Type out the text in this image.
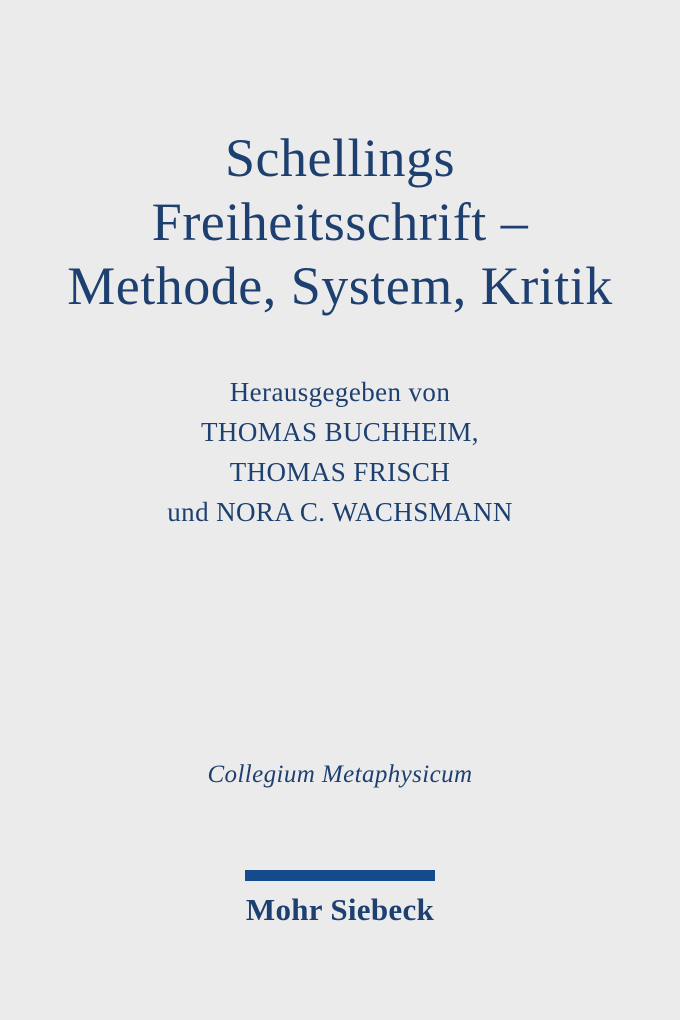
Schellings
Freiheitsschrift –
Methode, System, Kritik
Herausgegeben von
THOMAS BUCHHEIM,
THOMAS FRISCH
und NORA C. WACHSMANN
Collegium Metaphysicum
Mohr Siebeck
